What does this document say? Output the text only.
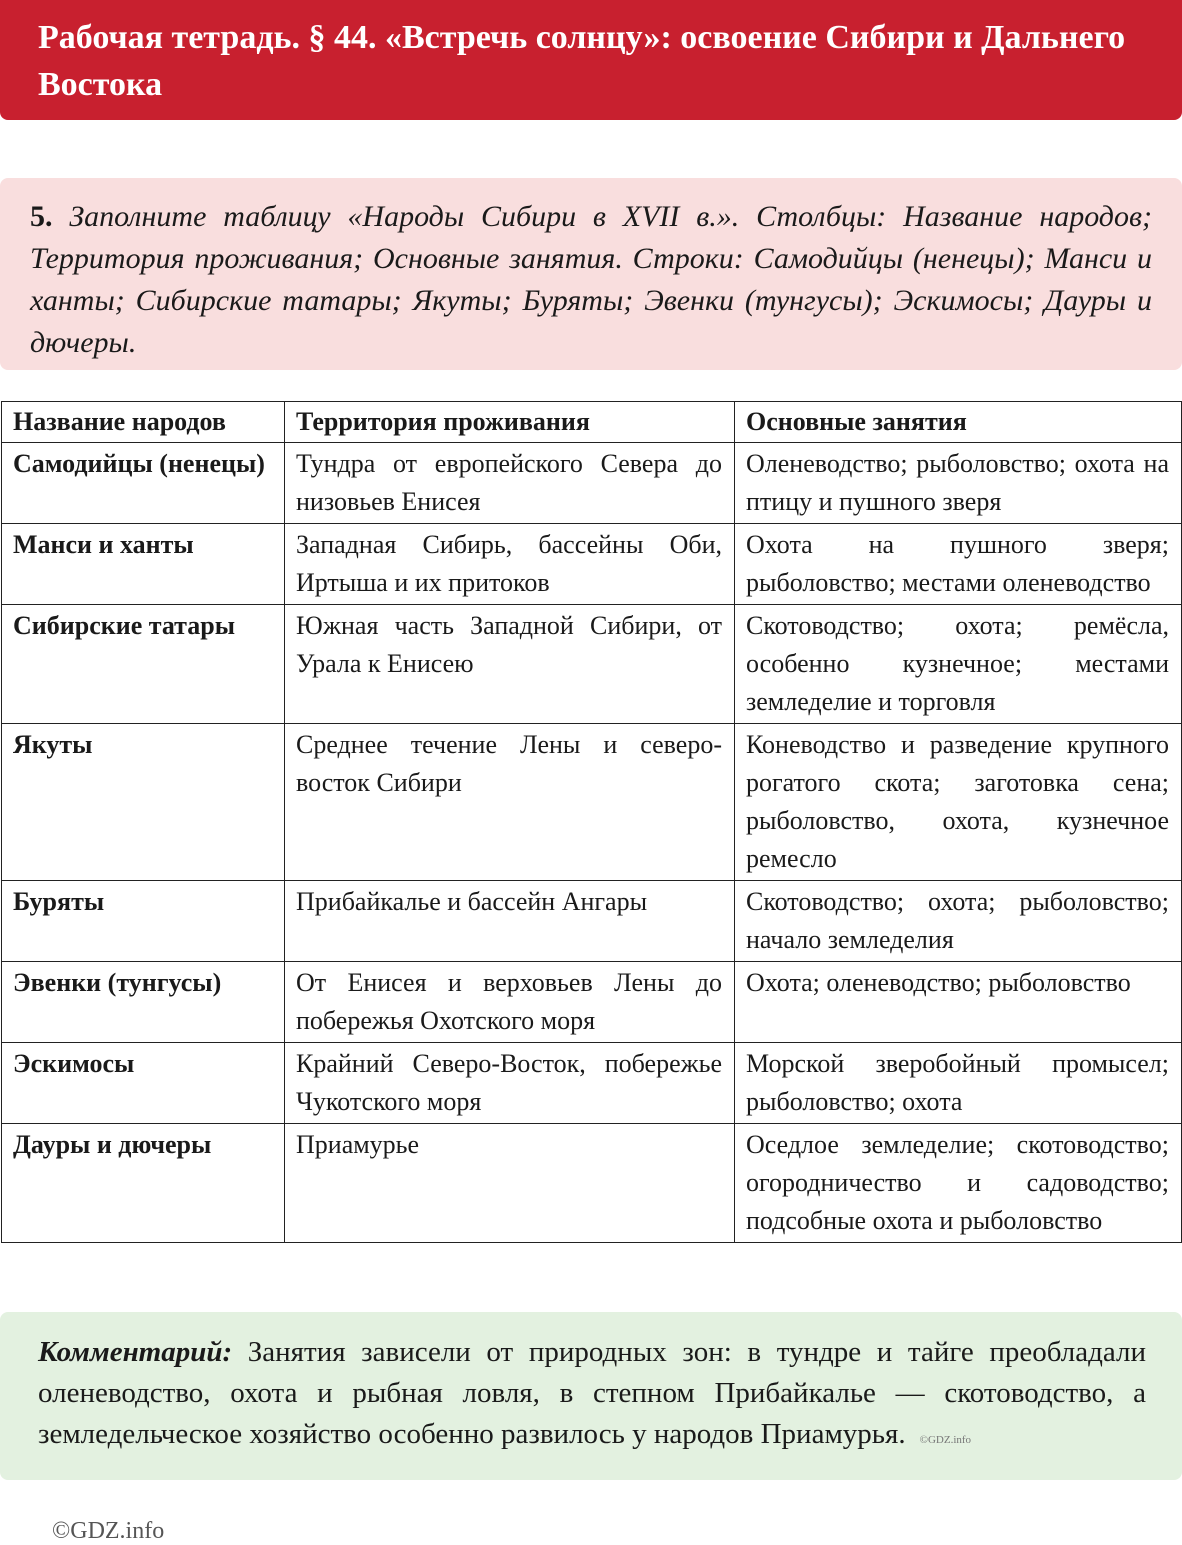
Рабочая тетрадь. § 44. «Встречь солнцу»: освоение Сибири и Дальнего Востока

5. Заполните таблицу «Народы Сибири в XVII в.». Столбцы: Название народов; Территория проживания; Основные занятия. Строки: Самодийцы (ненецы); Манси и ханты; Сибирские татары; Якуты; Буряты; Эвенки (тунгусы); Эскимосы; Дауры и дючеры.

Название народов	Территория проживания	Основные занятия
Самодийцы (ненецы)	Тундра от европейского Севера до низовьев Енисея	Оленеводство; рыболовство; охота на птицу и пушного зверя
Манси и ханты	Западная Сибирь, бассейны Оби, Иртыша и их притоков	Охота на пушного зверя; рыболовство; местами оленеводство
Сибирские татары	Южная часть Западной Сибири, от Урала к Енисею	Скотоводство; охота; ремёсла, особенно кузнечное; местами земледелие и торговля
Якуты	Среднее течение Лены и северо-восток Сибири	Коневодство и разведение крупного рогатого скота; заготовка сена; рыболовство, охота, кузнечное ремесло
Буряты	Прибайкалье и бассейн Ангары	Скотоводство; охота; рыболовство; начало земледелия
Эвенки (тунгусы)	От Енисея и верховьев Лены до побережья Охотского моря	Охота; оленеводство; рыболовство
Эскимосы	Крайний Северо-Восток, побережье Чукотского моря	Морской зверобойный промысел; рыболовство; охота
Дауры и дючеры	Приамурье	Оседлое земледелие; скотоводство; огородничество и садоводство; подсобные охота и рыболовство

Комментарий: Занятия зависели от природных зон: в тундре и тайге преобладали оленеводство, охота и рыбная ловля, в степном Прибайкалье — скотоводство, а земледельческое хозяйство особенно развилось у народов Приамурья. ©GDZ.info

©GDZ.info
